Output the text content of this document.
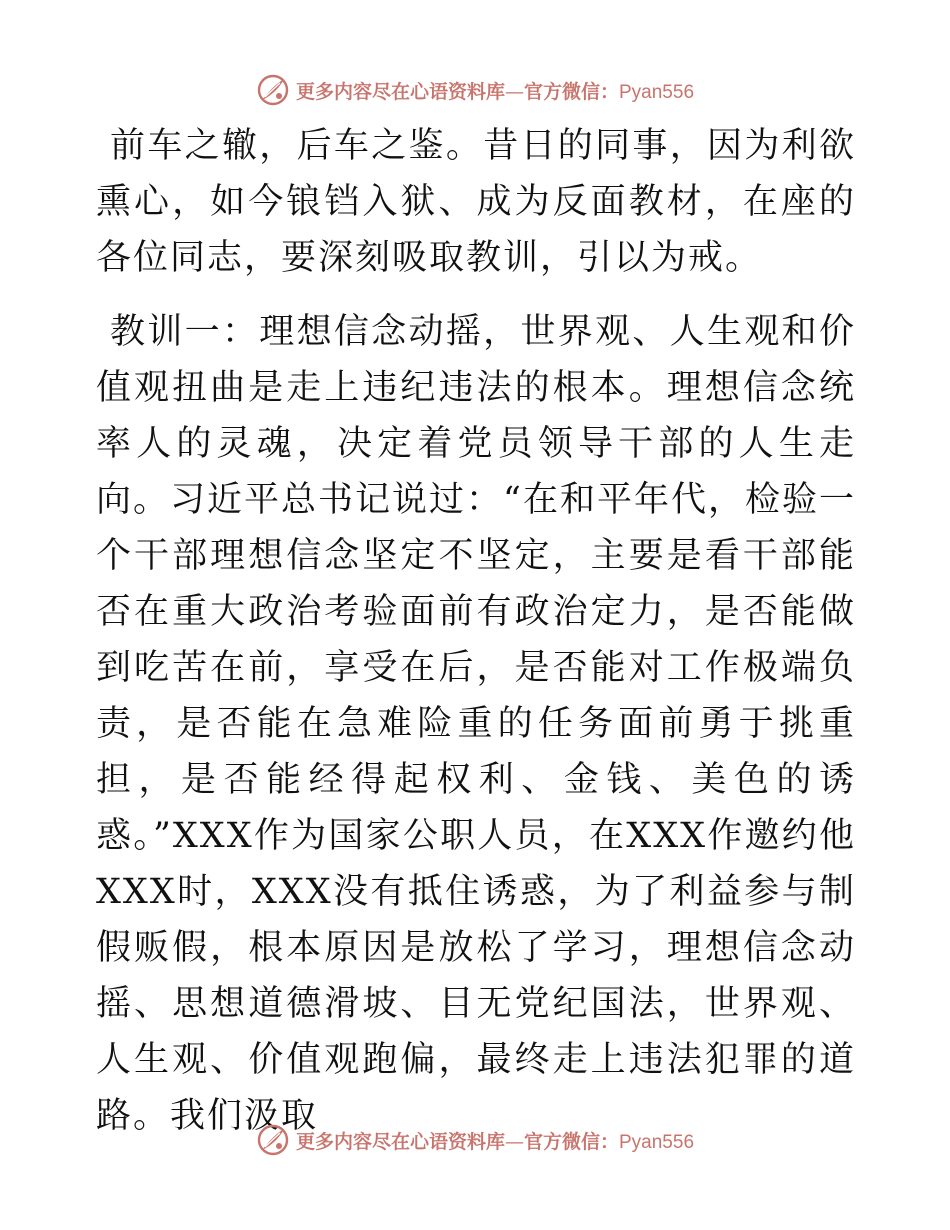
更多内容尽在心语资料库—官方微信：Pyan556

前车之辙，后车之鉴。昔日的同事，因为利欲熏心，如今锒铛入狱、成为反面教材，在座的各位同志，要深刻吸取教训，引以为戒。

教训一：理想信念动摇，世界观、人生观和价值观扭曲是走上违纪违法的根本。理想信念统率人的灵魂，决定着党员领导干部的人生走向。习近平总书记说过：“在和平年代，检验一个干部理想信念坚定不坚定，主要是看干部能否在重大政治考验面前有政治定力，是否能做到吃苦在前，享受在后，是否能对工作极端负责，是否能在急难险重的任务面前勇于挑重担，是否能经得起权利、金钱、美色的诱惑。”XXX作为国家公职人员，在XXX作邀约他XXX时，XXX没有抵住诱惑，为了利益参与制假贩假，根本原因是放松了学习，理想信念动摇、思想道德滑坡、目无党纪国法，世界观、人生观、价值观跑偏，最终走上违法犯罪的道路。我们汲取

更多内容尽在心语资料库—官方微信：Pyan556
